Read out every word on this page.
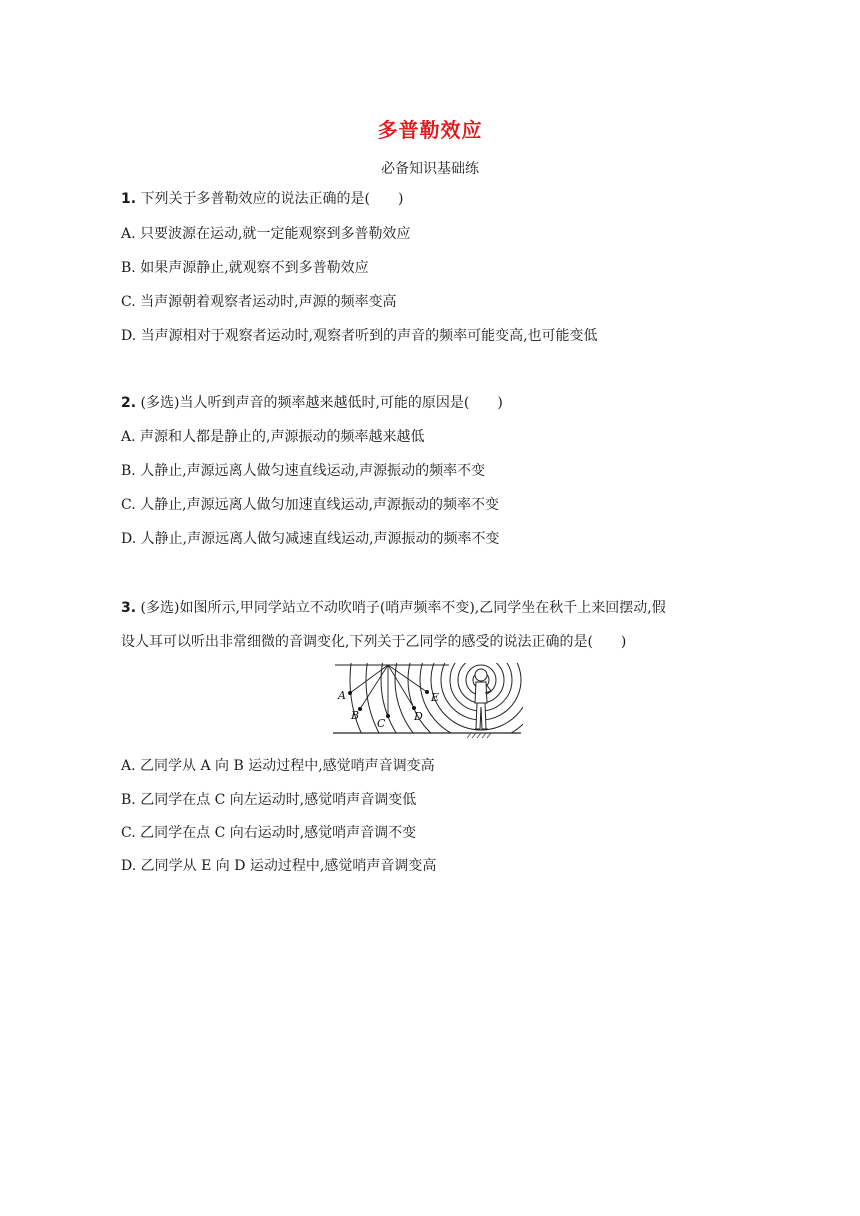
多普勒效应
必备知识基础练
1. 下列关于多普勒效应的说法正确的是(　　)
A. 只要波源在运动,就一定能观察到多普勒效应
B. 如果声源静止,就观察不到多普勒效应
C. 当声源朝着观察者运动时,声源的频率变高
D. 当声源相对于观察者运动时,观察者听到的声音的频率可能变高,也可能变低
2. (多选)当人听到声音的频率越来越低时,可能的原因是(　　)
A. 声源和人都是静止的,声源振动的频率越来越低
B. 人静止,声源远离人做匀速直线运动,声源振动的频率不变
C. 人静止,声源远离人做匀加速直线运动,声源振动的频率不变
D. 人静止,声源远离人做匀减速直线运动,声源振动的频率不变
3. (多选)如图所示,甲同学站立不动吹哨子(哨声频率不变),乙同学坐在秋千上来回摆动,假
设人耳可以听出非常细微的音调变化,下列关于乙同学的感受的说法正确的是(　　)
A
B
C
D
E
A. 乙同学从 A 向 B 运动过程中,感觉哨声音调变高
B. 乙同学在点 C 向左运动时,感觉哨声音调变低
C. 乙同学在点 C 向右运动时,感觉哨声音调不变
D. 乙同学从 E 向 D 运动过程中,感觉哨声音调变高
